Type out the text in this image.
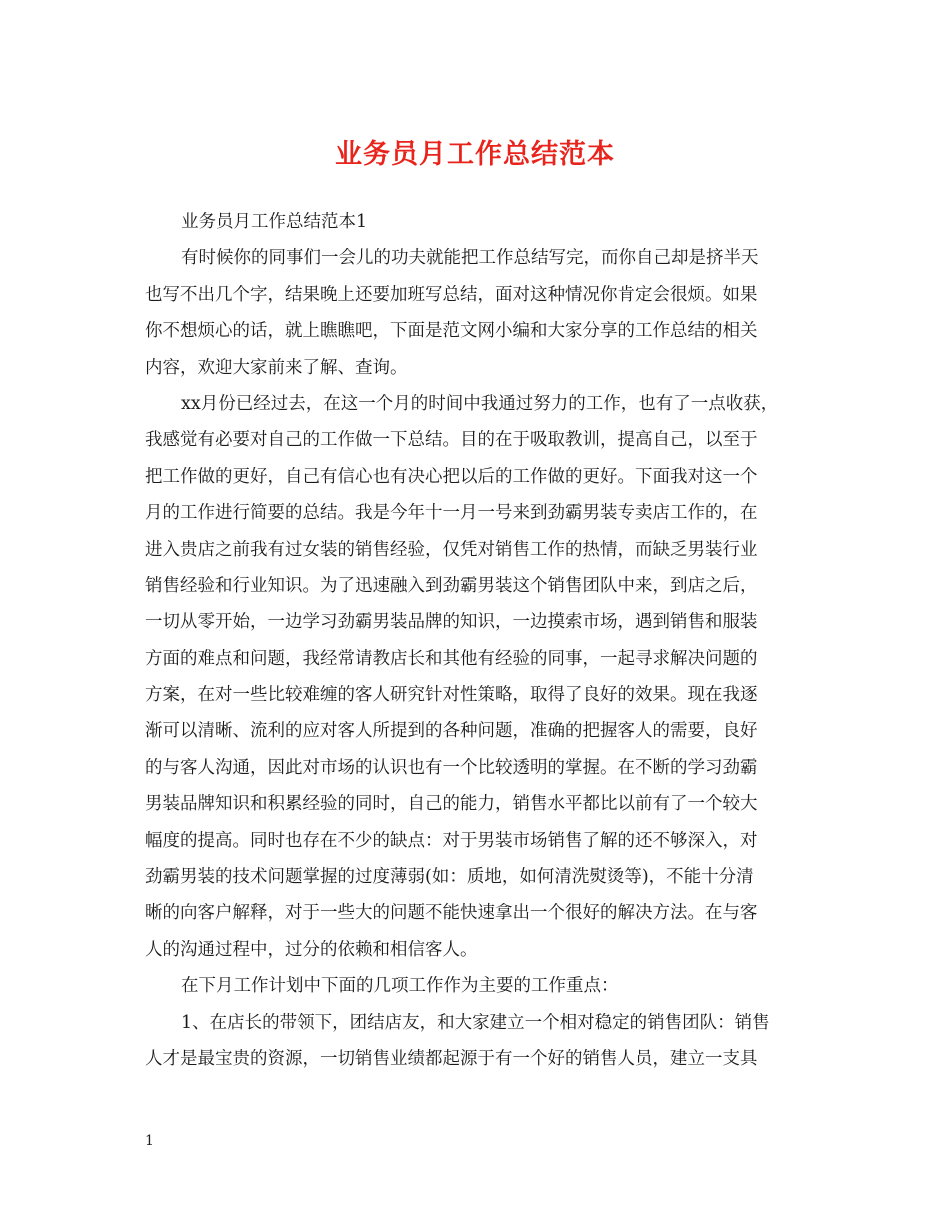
业务员月工作总结范本
业务员月工作总结范本1
有时候你的同事们一会儿的功夫就能把工作总结写完，而你自己却是挤半天
也写不出几个字，结果晚上还要加班写总结，面对这种情况你肯定会很烦。如果
你不想烦心的话，就上瞧瞧吧，下面是范文网小编和大家分享的工作总结的相关
内容，欢迎大家前来了解、查询。
xx月份已经过去，在这一个月的时间中我通过努力的工作，也有了一点收获，
我感觉有必要对自己的工作做一下总结。目的在于吸取教训，提高自己，以至于
把工作做的更好，自己有信心也有决心把以后的工作做的更好。下面我对这一个
月的工作进行简要的总结。我是今年十一月一号来到劲霸男装专卖店工作的，在
进入贵店之前我有过女装的销售经验，仅凭对销售工作的热情，而缺乏男装行业
销售经验和行业知识。为了迅速融入到劲霸男装这个销售团队中来，到店之后，
一切从零开始，一边学习劲霸男装品牌的知识，一边摸索市场，遇到销售和服装
方面的难点和问题，我经常请教店长和其他有经验的同事，一起寻求解决问题的
方案，在对一些比较难缠的客人研究针对性策略，取得了良好的效果。现在我逐
渐可以清晰、流利的应对客人所提到的各种问题，准确的把握客人的需要，良好
的与客人沟通，因此对市场的认识也有一个比较透明的掌握。在不断的学习劲霸
男装品牌知识和积累经验的同时，自己的能力，销售水平都比以前有了一个较大
幅度的提高。同时也存在不少的缺点：对于男装市场销售了解的还不够深入，对
劲霸男装的技术问题掌握的过度薄弱(如：质地，如何清洗熨烫等)，不能十分清
晰的向客户解释，对于一些大的问题不能快速拿出一个很好的解决方法。在与客
人的沟通过程中，过分的依赖和相信客人。
在下月工作计划中下面的几项工作作为主要的工作重点：
1、在店长的带领下，团结店友，和大家建立一个相对稳定的销售团队：销售
人才是最宝贵的资源，一切销售业绩都起源于有一个好的销售人员，建立一支具
1
